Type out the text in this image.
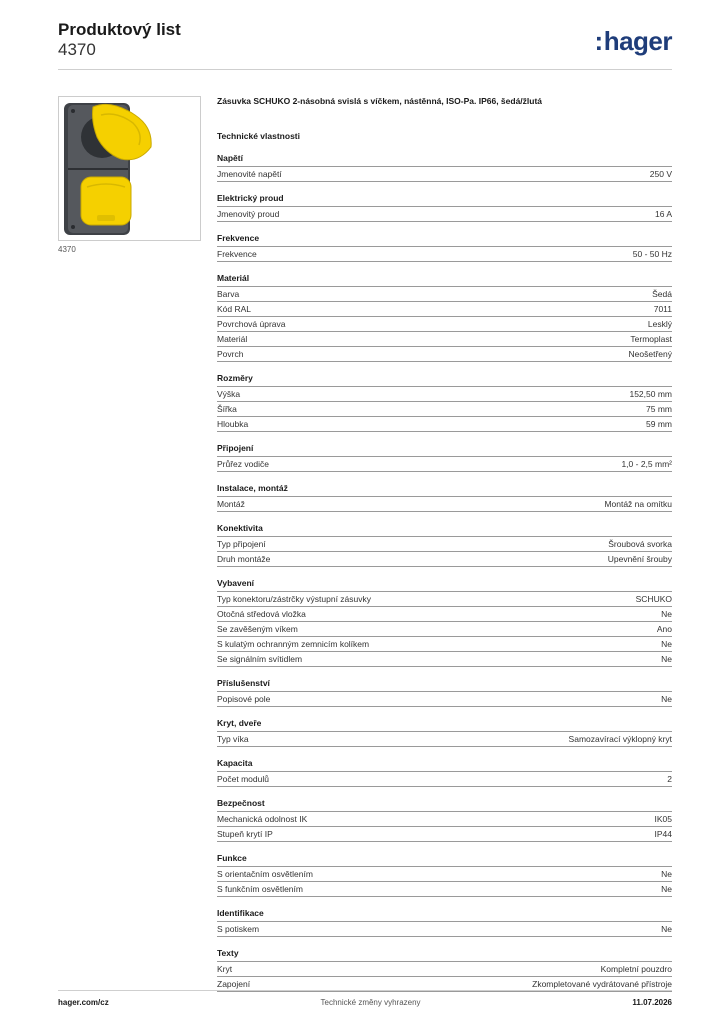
Produktový list
4370	:hager
4370
Zásuvka SCHUKO 2-násobná svislá s víčkem, nástěnná, ISO-Pa. IP66, šedá/žlutá
Technické vlastnosti
Napětí
Jmenovité napětí	250 V
Elektrický proud
Jmenovitý proud	16 A
Frekvence
Frekvence	50 - 50 Hz
Materiál
Barva	Šedá
Kód RAL	7011
Povrchová úprava	Lesklý
Materiál	Termoplast
Povrch	Neošetřený
Rozměry
Výška	152,50 mm
Šířka	75 mm
Hloubka	59 mm
Připojení
Průřez vodiče	1,0 - 2,5 mm²
Instalace, montáž
Montáž	Montáž na omítku
Konektivita
Typ připojení	Šroubová svorka
Druh montáže	Upevnění šrouby
Vybavení
Typ konektoru/zástrčky výstupní zásuvky	SCHUKO
Otočná středová vložka	Ne
Se zavěšeným víkem	Ano
S kulatým ochranným zemnicím kolíkem	Ne
Se signálním svítidlem	Ne
Příslušenství
Popisové pole	Ne
Kryt, dveře
Typ víka	Samozavírací výklopný kryt
Kapacita
Počet modulů	2
Bezpečnost
Mechanická odolnost IK	IK05
Stupeň krytí IP	IP44
Funkce
S orientačním osvětlením	Ne
S funkčním osvětlením	Ne
Identifikace
S potiskem	Ne
Texty
Kryt	Kompletní pouzdro
Zapojení	Zkompletované vydrátované přístroje
hager.com/cz	Technické změny vyhrazeny	11.07.2026
